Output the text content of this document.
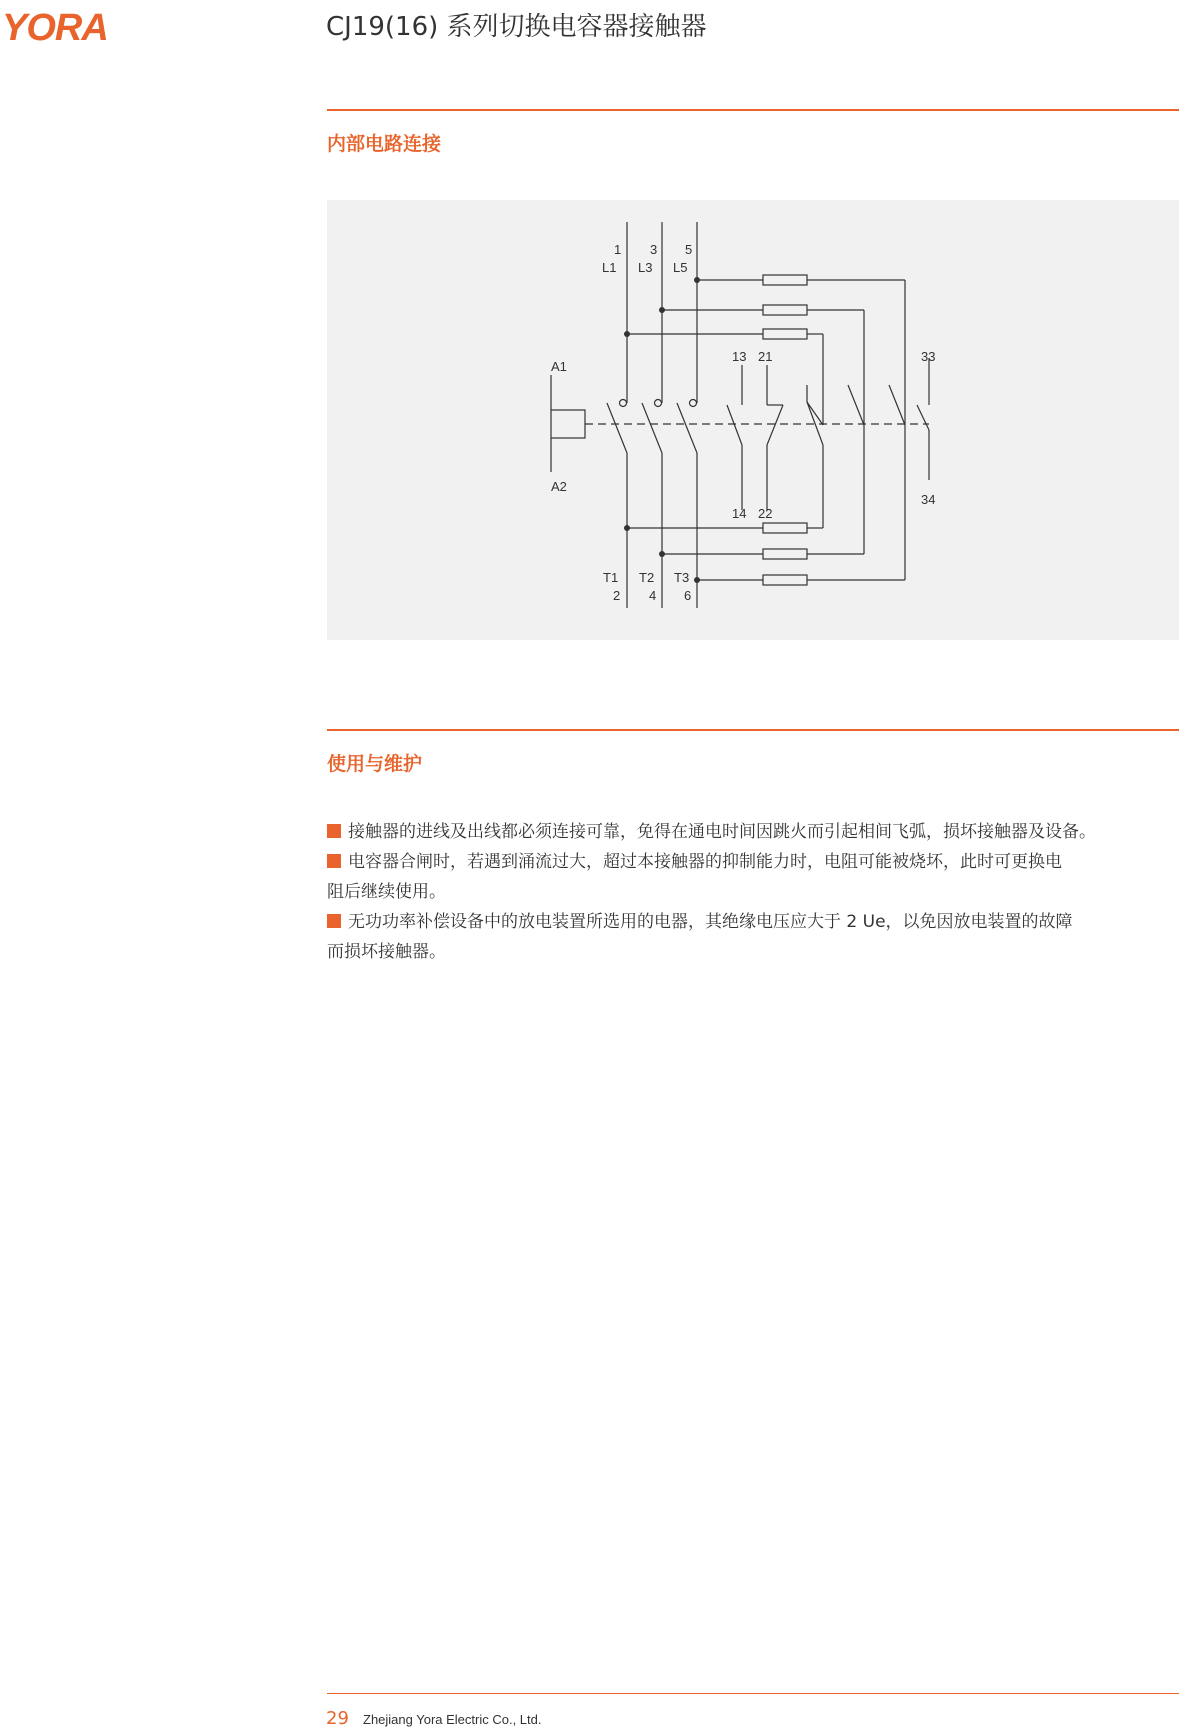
YORA	CJ19(16) 系列切换电容器接触器
内部电路连接
1 3 5
L1 L3 L5
T1 T2 T3
2 4 6
A1
A2
13 21	33
14 22
34
使用与维护
接触器的进线及出线都必须连接可靠，免得在通电时间因跳火而引起相间飞弧，损坏接触器及设备。
电容器合闸时，若遇到涌流过大，超过本接触器的抑制能力时，电阻可能被烧坏，此时可更换电
阻后继续使用。
无功功率补偿设备中的放电装置所选用的电器，其绝缘电压应大于 2 Ue，以免因放电装置的故障
而损坏接触器。
29 Zhejiang Yora Electric Co., Ltd.
